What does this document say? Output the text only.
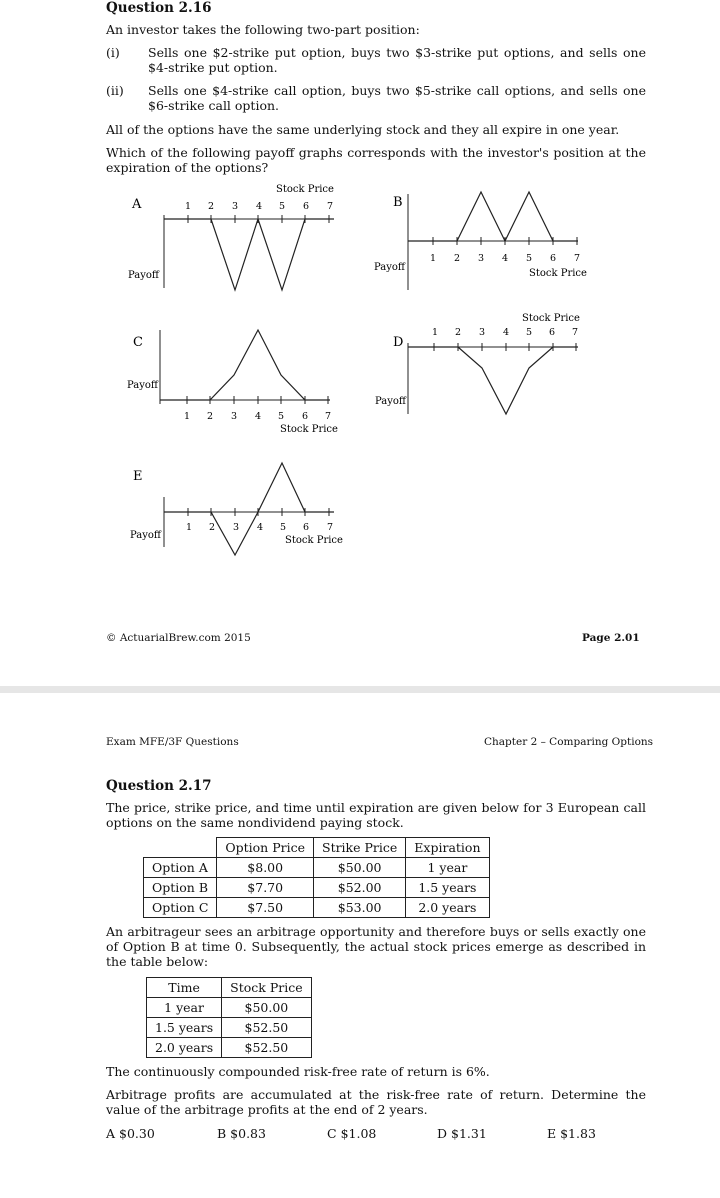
Question 2.16
An investor takes the following two-part position:
(i) Sells one $2-strike put option, buys two $3-strike put options, and sells one $4-strike put option.
(ii) Sells one $4-strike call option, buys two $5-strike call options, and sells one $6-strike call option.
All of the options have the same underlying stock and they all expire in one year.
Which of the following payoff graphs corresponds with the investor's position at the expiration of the options?
A
Stock Price
1 2 3 4 5 6 7
Payoff
B
Payoff
1 2 3 4 5 6 7
Stock Price
C
Payoff
1 2 3 4 5 6 7
Stock Price
Stock Price
1 2 3 4 5 6 7
D
Payoff
E
Payoff
1 2 3 4 5 6 7
Stock Price
© ActuarialBrew.com 2015	Page 2.01
Exam MFE/3F Questions	Chapter 2 – Comparing Options
Question 2.17
The price, strike price, and time until expiration are given below for 3 European call options on the same nondividend paying stock.
	Option Price	Strike Price	Expiration
Option A	$8.00	$50.00	1 year
Option B	$7.70	$52.00	1.5 years
Option C	$7.50	$53.00	2.0 years
An arbitrageur sees an arbitrage opportunity and therefore buys or sells exactly one of Option B at time 0. Subsequently, the actual stock prices emerge as described in the table below:
Time	Stock Price
1 year	$50.00
1.5 years	$52.50
2.0 years	$52.50
The continuously compounded risk-free rate of return is 6%.
Arbitrage profits are accumulated at the risk-free rate of return. Determine the value of the arbitrage profits at the end of 2 years.
A $0.30	B $0.83	C $1.08	D $1.31	E $1.83
